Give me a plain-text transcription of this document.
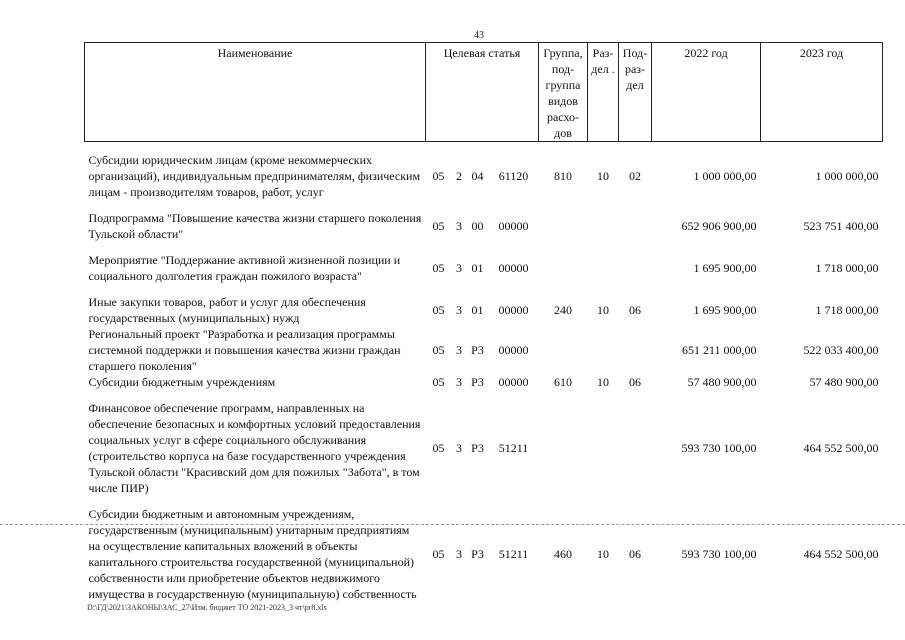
43
Наименование	Целевая статья				Группа, под- группа видов расхо- дов	Раз- дел .	Под- раз- дел	2022 год	2023 год

Субсидии юридическим лицам (кроме некоммерческих организаций), индивидуальным предпринимателям, физическим лицам - производителям товаров, работ, услуг	05	2	04	61120	810	10	02	1 000 000,00	1 000 000,00

Подпрограмма "Повышение качества жизни старшего поколения Тульской области"	05	3	00	00000				652 906 900,00	523 751 400,00

Мероприятие "Поддержание активной жизненной позиции и социального долголетия граждан пожилого возраста"	05	3	01	00000				1 695 900,00	1 718 000,00

Иные закупки товаров, работ и услуг для обеспечения государственных (муниципальных) нужд	05	3	01	00000	240	10	06	1 695 900,00	1 718 000,00
Региональный проект "Разработка и реализация программы системной поддержки и повышения качества жизни граждан старшего поколения"	05	3	P3	00000				651 211 000,00	522 033 400,00
Субсидии бюджетным учреждениям	05	3	P3	00000	610	10	06	57 480 900,00	57 480 900,00

Финансовое обеспечение программ, направленных на обеспечение безопасных и комфортных условий предоставления социальных услуг в сфере социального обслуживания (строительство корпуса на базе государственного учреждения Тульской области "Красивский дом для пожилых "Забота", в том числе ПИР)	05	3	P3	51211				593 730 100,00	464 552 500,00

Субсидии бюджетным и автономным учреждениям, государственным (муниципальным) унитарным предприятиям на осуществление капитальных вложений в объекты капитального строительства государственной (муниципальной) собственности или приобретение объектов недвижимого имущества в государственную (муниципальную) собственность	05	3	P3	51211	460	10	06	593 730 100,00	464 552 500,00
D:\ГД\2021\ЗАКОНЫ\ЗАС_27\Изм. бюджет ТО 2021-2023_3 чт\pr8.xls
